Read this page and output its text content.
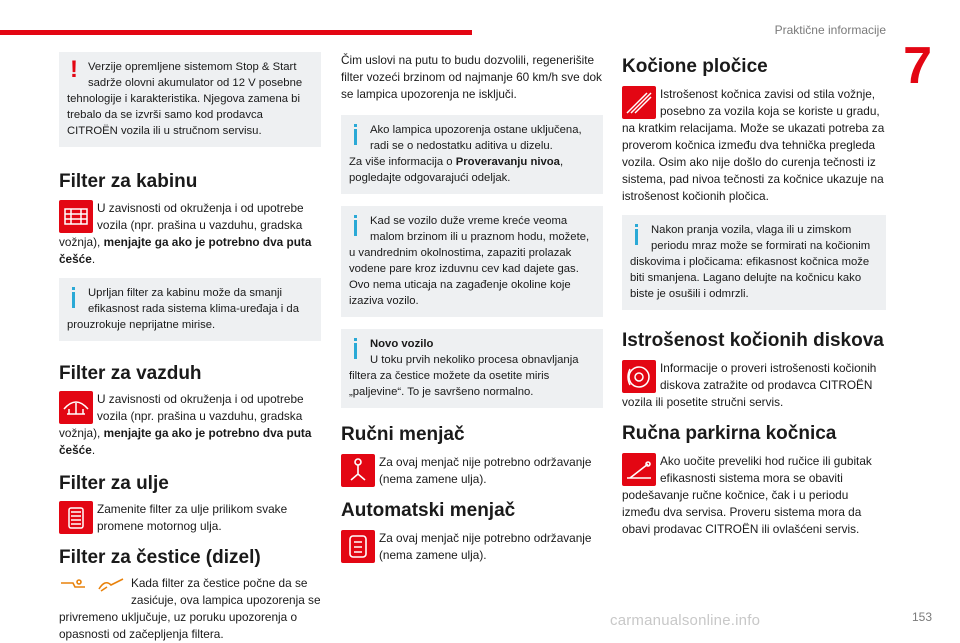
Praktične informacije
7
!

Verzije opremljene sistemom Stop & Start sadrže olovni akumulator od 12 V posebne tehnologije i karakteristika. Njegova zamena bi trebalo da se izvrši samo kod prodavca CITROËN vozila ili u stručnom servisu.

Filter za kabinu

U zavisnosti od okruženja i od upotrebe vozila (npr. prašina u vazduhu, gradska vožnja), menjajte ga ako je potrebno dva puta češće.

Uprljan filter za kabinu može da smanji efikasnost rada sistema klima-uređaja i da prouzrokuje neprijatne mirise.

Filter za vazduh

U zavisnosti od okruženja i od upotrebe vozila (npr. prašina u vazduhu, gradska vožnja), menjajte ga ako je potrebno dva puta češće.

Filter za ulje

Zamenite filter za ulje prilikom svake promene motornog ulja.

Filter za čestice (dizel)

Kada filter za čestice počne da se zasićuje, ova lampica upozorenja se privremeno uključuje, uz poruku upozorenja o opasnosti od začepljenja filtera.

Čim uslovi na putu to budu dozvolili, regenerišite filter vozeći brzinom od najmanje 60 km/h sve dok se lampica upozorenja ne isključi.

Ako lampica upozorenja ostane uključena, radi se o nedostatku aditiva u dizelu.
Za više informacija o Proveravanju nivoa, pogledajte odgovarajući odeljak.

Kad se vozilo duže vreme kreće veoma malom brzinom ili u praznom hodu, možete, u vandrednim okolnostima, zapaziti prolazak vodene pare kroz izduvnu cev kad dajete gas. Ovo nema uticaja na zagađenje okoline koje izaziva vozilo.

Novo vozilo
U toku prvih nekoliko procesa obnavljanja filtera za čestice možete da osetite miris „paljevine“. To je savršeno normalno.

Ručni menjač

Za ovaj menjač nije potrebno održavanje (nema zamene ulja).

Automatski menjač

Za ovaj menjač nije potrebno održavanje (nema zamene ulja).

Kočione pločice

Istrošenost kočnica zavisi od stila vožnje, posebno za vozila koja se koriste u gradu, na kratkim relacijama. Može se ukazati potreba za proverom kočnica između dva tehnička pregleda vozila. Osim ako nije došlo do curenja tečnosti iz sistema, pad nivoa tečnosti za kočnice ukazuje na istrošenost kočionih pločica.

Nakon pranja vozila, vlaga ili u zimskom periodu mraz može se formirati na kočionim diskovima i pločicama: efikasnost kočnica može biti smanjena. Lagano delujte na kočnicu kako biste je osušili i odmrzli.

Istrošenost kočionih diskova

Informacije o proveri istrošenosti kočionih diskova zatražite od prodavca CITROËN vozila ili posetite stručni servis.

Ručna parkirna kočnica

Ako uočite preveliki hod ručice ili gubitak efikasnosti sistema mora se obaviti podešavanje ručne kočnice, čak i u periodu između dva servisa. Proveru sistema mora da obavi prodavac CITROËN ili ovlašćeni servis.

carmanualsonline.info	153
